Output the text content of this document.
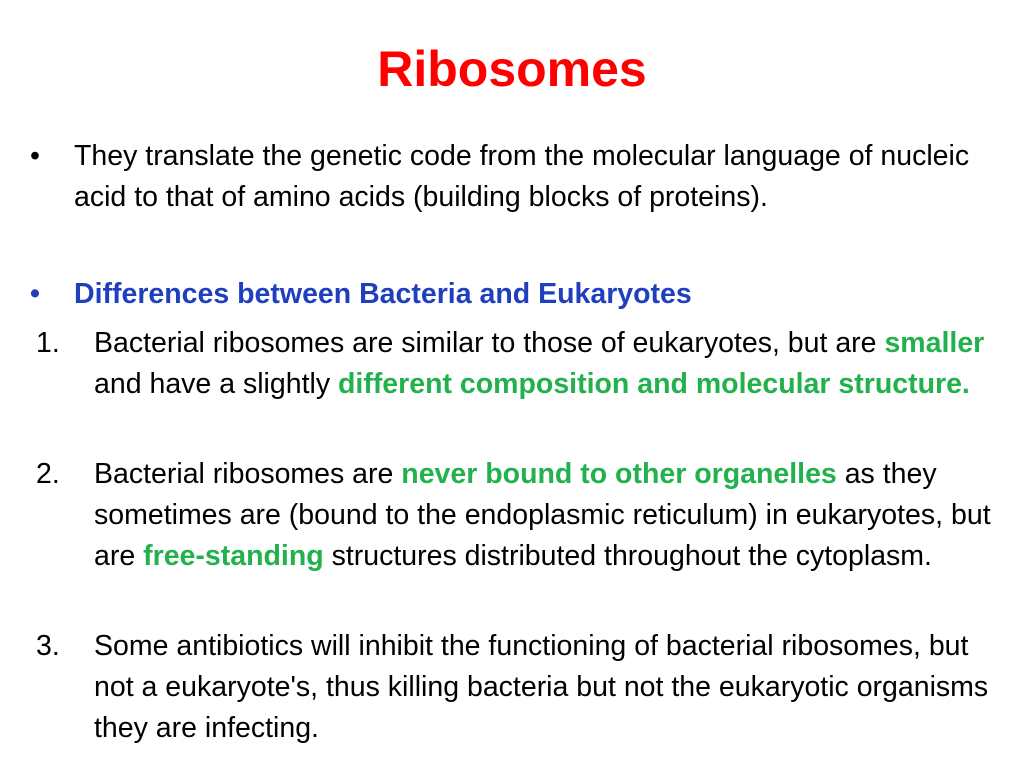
Ribosomes
•	They translate the genetic code from the molecular language of nucleic acid to that of amino acids (building blocks of proteins).
•	Differences between Bacteria and Eukaryotes
1.	Bacterial ribosomes are similar to those of eukaryotes, but are smaller and have a slightly different composition and molecular structure.
2.	Bacterial ribosomes are never bound to other organelles as they sometimes are (bound to the endoplasmic reticulum) in eukaryotes, but are free-standing structures distributed throughout the cytoplasm.
3.	Some antibiotics will inhibit the functioning of bacterial ribosomes, but not a eukaryote's, thus killing bacteria but not the eukaryotic organisms they are infecting.
